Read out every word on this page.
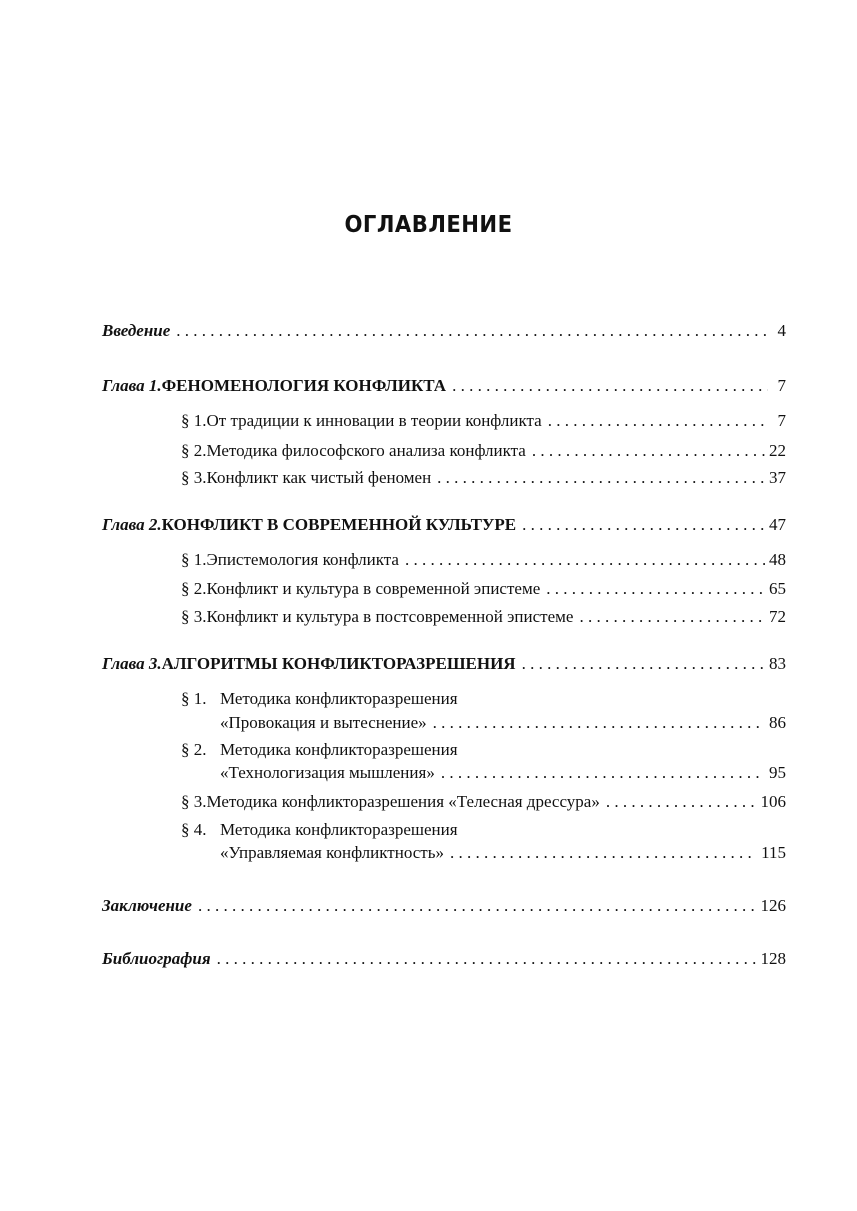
ОГЛАВЛЕНИЕ
Введение . . .	4
Глава 1. ФЕНОМЕНОЛОГИЯ КОНФЛИКТА . . .	7
§ 1. От традиции к инновации в теории конфликта . . .	7
§ 2. Методика философского анализа конфликта . . .	22
§ 3. Конфликт как чистый феномен . . .	37
Глава 2. КОНФЛИКТ В СОВРЕМЕННОЙ КУЛЬТУРЕ . . .	47
§ 1. Эпистемология конфликта . . .	48
§ 2. Конфликт и культура в современной эпистеме . . .	65
§ 3. Конфликт и культура в постсовременной эпистеме . . .	72
Глава 3. АЛГОРИТМЫ КОНФЛИКТОРАЗРЕШЕНИЯ . . .	83
§ 1. Методика конфликторазрешения
«Провокация и вытеснение» . . .	86
§ 2. Методика конфликторазрешения
«Технологизация мышления» . . .	95
§ 3. Методика конфликторазрешения «Телесная дрессура» . . .	106
§ 4. Методика конфликторазрешения
«Управляемая конфликтность» . . .	115
Заключение . . .	126
Библиография . . .	128
